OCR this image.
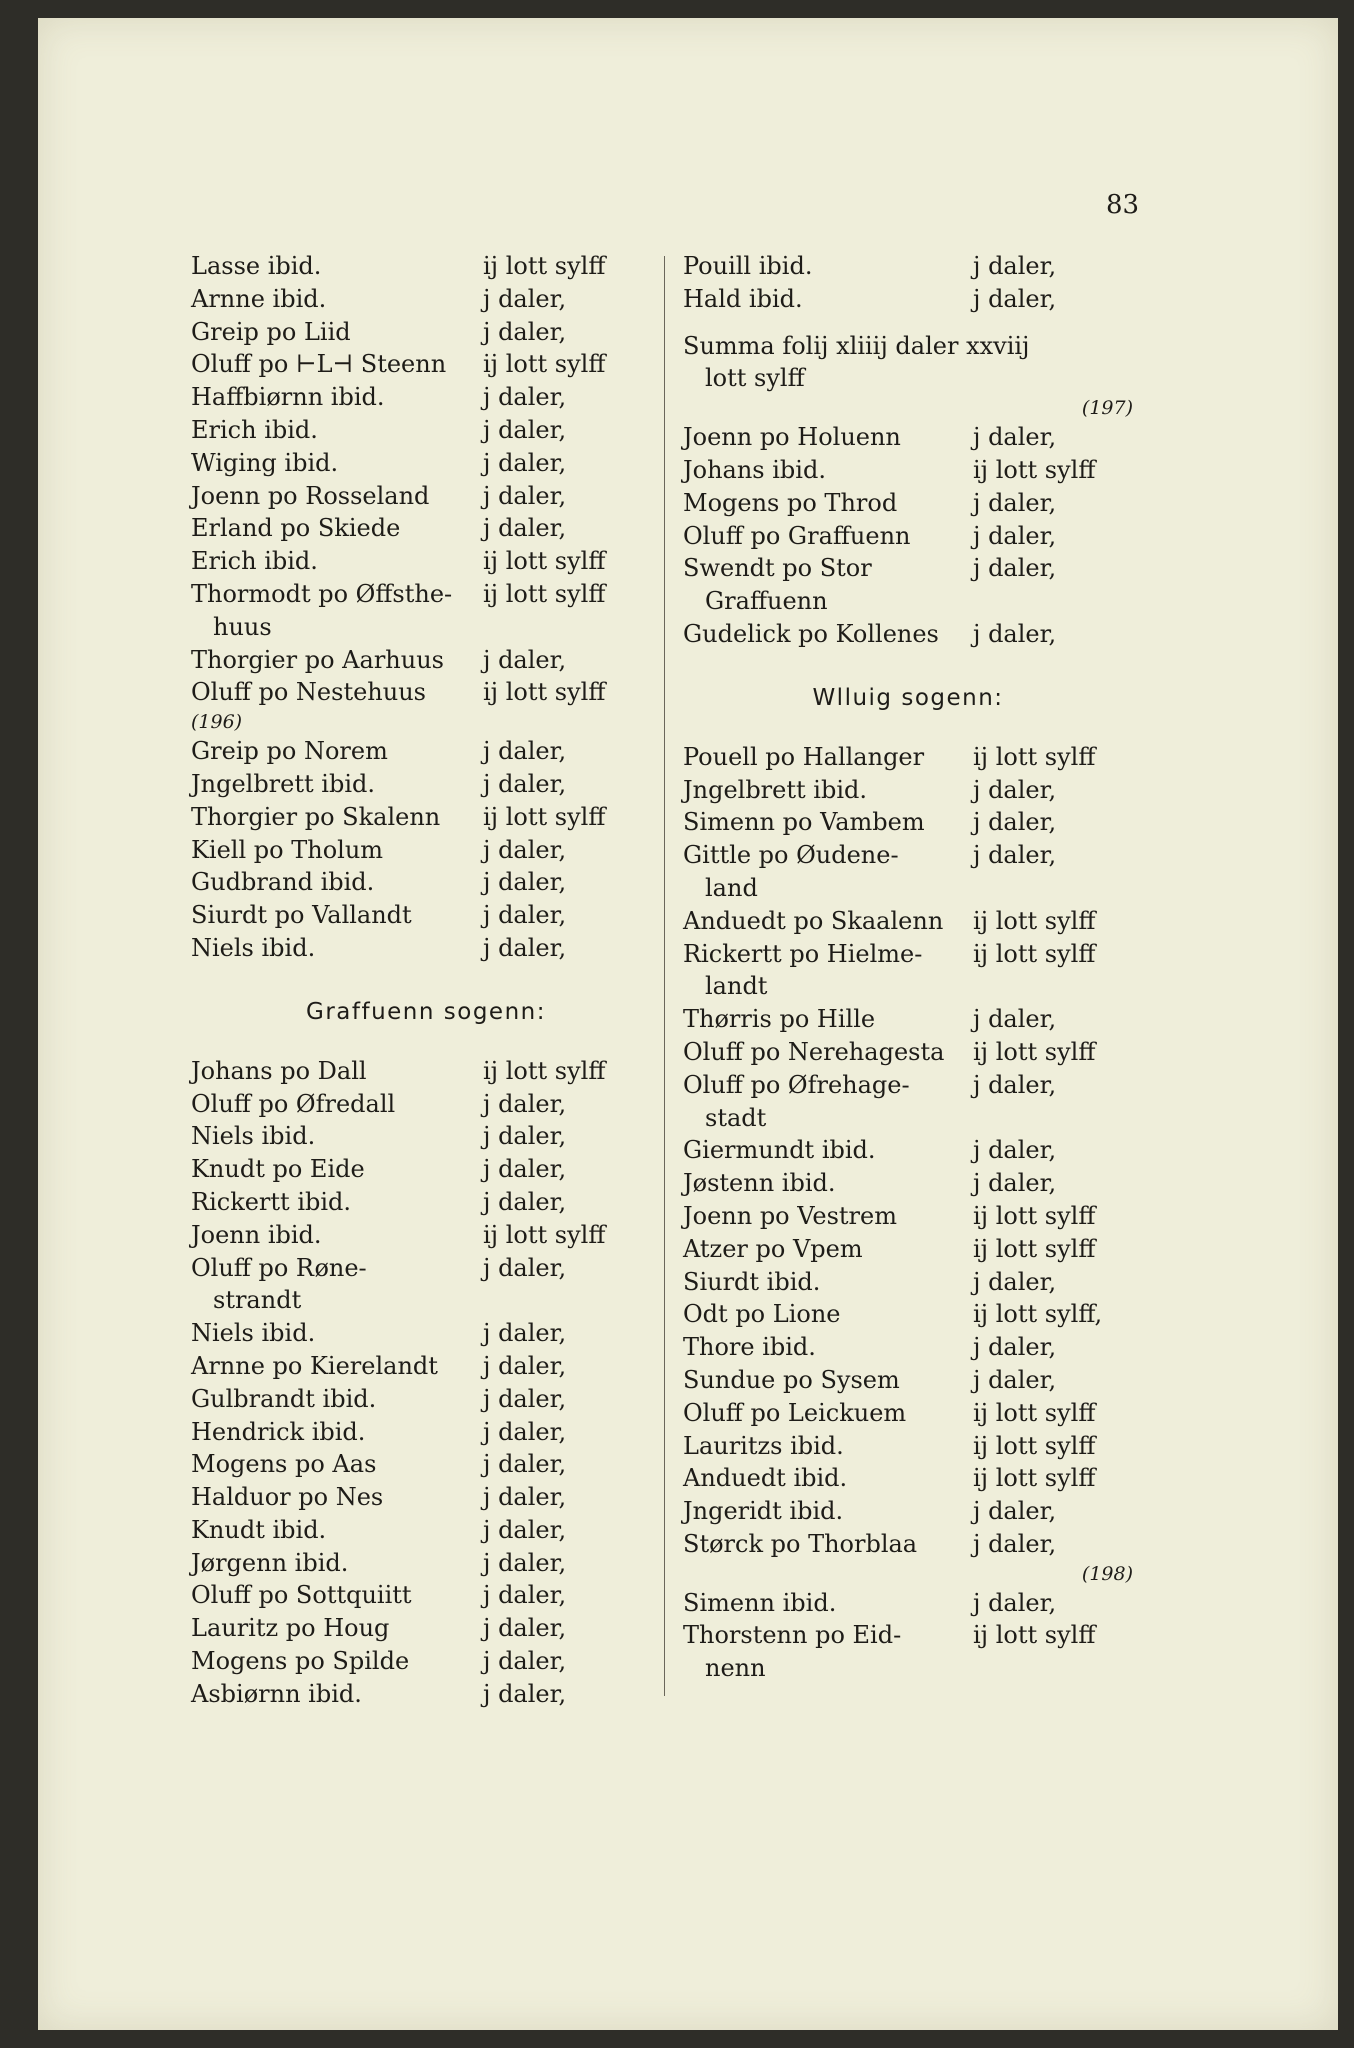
83
Lasse ibid.	ij lott sylff
Arnne ibid.	j daler,
Greip po Liid	j daler,
Oluff po ⊢L⊣ Steenn	ij lott sylff
Haffbiørnn ibid.	j daler,
Erich ibid.	j daler,
Wiging ibid.	j daler,
Joenn po Rosseland	j daler,
Erland po Skiede	j daler,
Erich ibid.	ij lott sylff
Thormodt po Øffsthe-	ij lott sylff
huus
Thorgier po Aarhuus	j daler,
Oluff po Nestehuus	ij lott sylff
(196)
Greip po Norem	j daler,
Jngelbrett ibid.	j daler,
Thorgier po Skalenn	ij lott sylff
Kiell po Tholum	j daler,
Gudbrand ibid.	j daler,
Siurdt po Vallandt	j daler,
Niels ibid.	j daler,
Graffuenn sogenn:
Johans po Dall	ij lott sylff
Oluff po Øfredall	j daler,
Niels ibid.	j daler,
Knudt po Eide	j daler,
Rickertt ibid.	j daler,
Joenn ibid.	ij lott sylff
Oluff po Røne-	j daler,
strandt
Niels ibid.	j daler,
Arnne po Kierelandt	j daler,
Gulbrandt ibid.	j daler,
Hendrick ibid.	j daler,
Mogens po Aas	j daler,
Halduor po Nes	j daler,
Knudt ibid.	j daler,
Jørgenn ibid.	j daler,
Oluff po Sottquiitt	j daler,
Lauritz po Houg	j daler,
Mogens po Spilde	j daler,
Asbiørnn ibid.	j daler,
Pouill ibid.	j daler,
Hald ibid.	j daler,
Summa folij xliiij daler xxviij
lott sylff
(197)
Joenn po Holuenn	j daler,
Johans ibid.	ij lott sylff
Mogens po Throd	j daler,
Oluff po Graffuenn	j daler,
Swendt po Stor	j daler,
Graffuenn
Gudelick po Kollenes	j daler,
Wlluig sogenn:
Pouell po Hallanger	ij lott sylff
Jngelbrett ibid.	j daler,
Simenn po Vambem	j daler,
Gittle po Øudene-	j daler,
land
Anduedt po Skaalenn	ij lott sylff
Rickertt po Hielme-	ij lott sylff
landt
Thørris po Hille	j daler,
Oluff po Nerehagesta	ij lott sylff
Oluff po Øfrehage-	j daler,
stadt
Giermundt ibid.	j daler,
Jøstenn ibid.	j daler,
Joenn po Vestrem	ij lott sylff
Atzer po Vpem	ij lott sylff
Siurdt ibid.	j daler,
Odt po Lione	ij lott sylff,
Thore ibid.	j daler,
Sundue po Sysem	j daler,
Oluff po Leickuem	ij lott sylff
Lauritzs ibid.	ij lott sylff
Anduedt ibid.	ij lott sylff
Jngeridt ibid.	j daler,
Størck po Thorblaa	j daler,
(198)
Simenn ibid.	j daler,
Thorstenn po Eid-	ij lott sylff
nenn
